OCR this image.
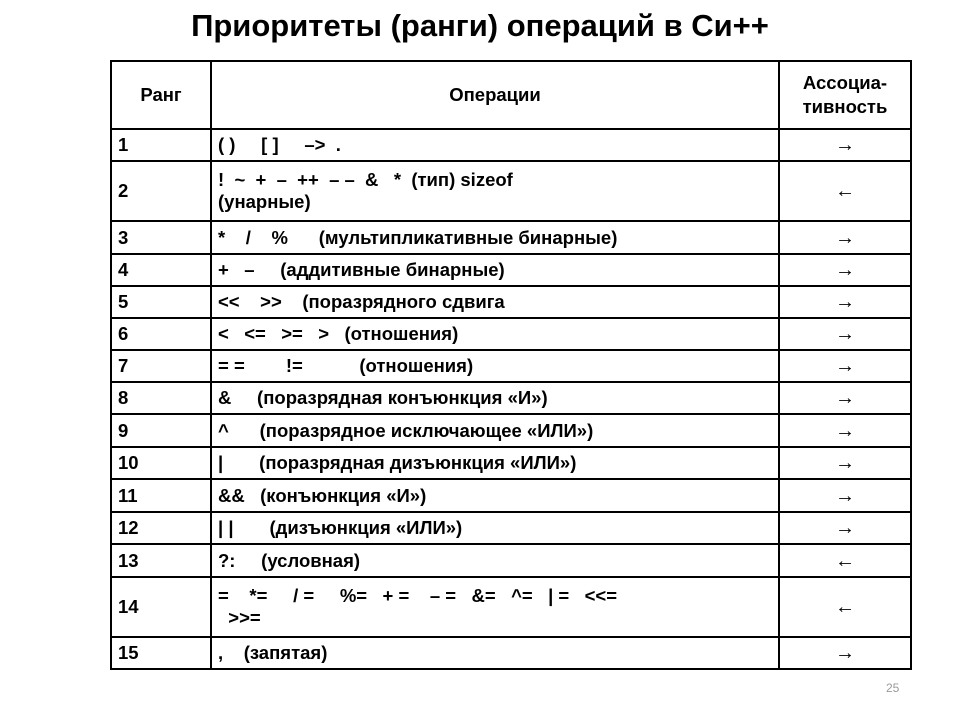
Приоритеты (ранги) операций в Си++
Ранг	Операции	Ассоциа-тивность
1	( )     [ ]     –>  .	→
2	!  ~  +  –  ++  – –  &   *  (тип) sizeof
(унарные)	←
3	*    /    %      (мультипликативные бинарные)	→
4	+   –     (аддитивные бинарные)	→
5	<<    >>    (поразрядного сдвига	→
6	<   <=   >=   >   (отношения)	→
7	= =        !=           (отношения)	→
8	&     (поразрядная конъюнкция «И»)	→
9	^      (поразрядное исключающее «ИЛИ»)	→
10	|       (поразрядная дизъюнкция «ИЛИ»)	→
11	&&   (конъюнкция «И»)	→
12	| |       (дизъюнкция «ИЛИ»)	→
13	?:     (условная)	←
14	=    *=     / =     %=   + =    – =   &=   ^=   | =   <<=
>>=	←
15	,    (запятая)	→
25
